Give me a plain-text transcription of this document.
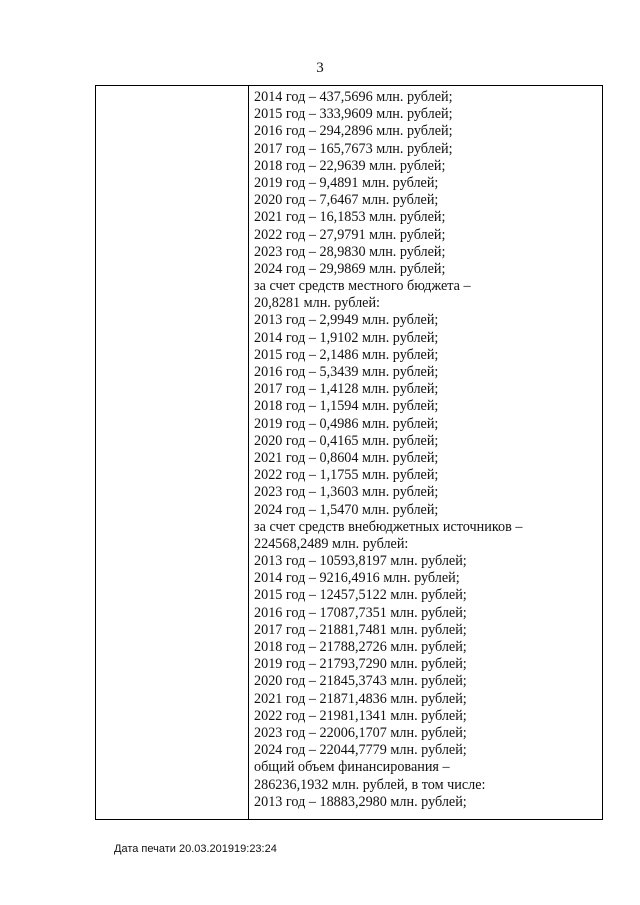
3
2014 год – 437,5696 млн. рублей;
2015 год – 333,9609 млн. рублей;
2016 год – 294,2896 млн. рублей;
2017 год – 165,7673 млн. рублей;
2018 год – 22,9639 млн. рублей;
2019 год – 9,4891 млн. рублей;
2020 год – 7,6467 млн. рублей;
2021 год – 16,1853 млн. рублей;
2022 год – 27,9791 млн. рублей;
2023 год – 28,9830 млн. рублей;
2024 год – 29,9869 млн. рублей;
за счет средств местного бюджета –
20,8281 млн. рублей:
2013 год – 2,9949 млн. рублей;
2014 год – 1,9102 млн. рублей;
2015 год – 2,1486 млн. рублей;
2016 год – 5,3439 млн. рублей;
2017 год – 1,4128 млн. рублей;
2018 год – 1,1594 млн. рублей;
2019 год – 0,4986 млн. рублей;
2020 год – 0,4165 млн. рублей;
2021 год – 0,8604 млн. рублей;
2022 год – 1,1755 млн. рублей;
2023 год – 1,3603 млн. рублей;
2024 год – 1,5470 млн. рублей;
за счет средств внебюджетных источников –
224568,2489 млн. рублей:
2013 год – 10593,8197 млн. рублей;
2014 год – 9216,4916 млн. рублей;
2015 год – 12457,5122 млн. рублей;
2016 год – 17087,7351 млн. рублей;
2017 год – 21881,7481 млн. рублей;
2018 год – 21788,2726 млн. рублей;
2019 год – 21793,7290 млн. рублей;
2020 год – 21845,3743 млн. рублей;
2021 год – 21871,4836 млн. рублей;
2022 год – 21981,1341 млн. рублей;
2023 год – 22006,1707 млн. рублей;
2024 год – 22044,7779 млн. рублей;
общий объем финансирования –
286236,1932 млн. рублей, в том числе:
2013 год – 18883,2980 млн. рублей;
Дата печати 20.03.201919:23:24
